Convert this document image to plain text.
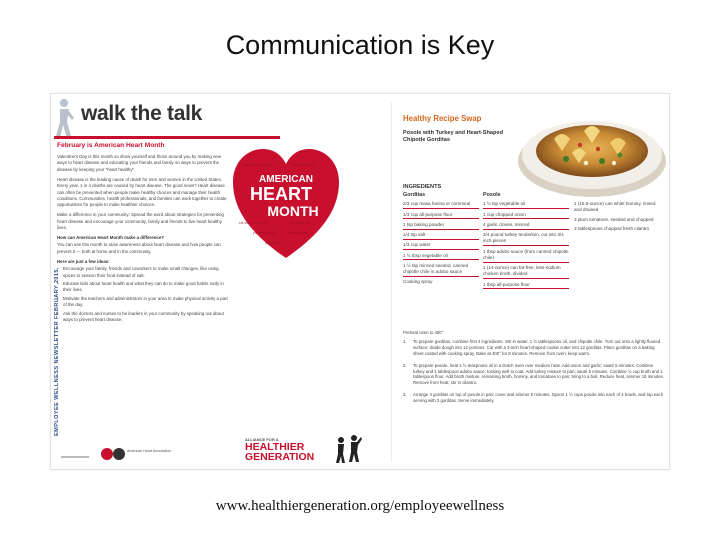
Communication is Key
walk the talk
EMPLOYEE WELLNESS NEWSLETTER FEBRUARY 2015
February is American Heart Month

Valentine's Day is this month so show yourself and those around you by making new ways to heart disease and educating your friends and family on ways to prevent the disease by keeping your "heart healthy".

Heart disease is the leading cause of death for men and women in the United States. Every year, 1 in 4 deaths are caused by heart disease. The good news? Heart disease can often be prevented when people make healthy choices and manage their health conditions. Communities, health professionals, and families can work together to create opportunities for people to make healthier choices.

Make a difference in your community: Spread the word about strategies for preventing heart disease and encourage your community, family and friends to live heart healthy lives.

How can American Heart Month make a difference?

You can use this month to raise awareness about heart disease and how people can prevent it — both at home and in the community.

Here are just a few ideas:
• Encourage your family, friends and coworkers to make small changes, like using spices to season their food instead of salt.
• Educate kids about heart health and what they can do to make good habits early in their lives.
• Motivate the teachers and administrators in your area to make physical activity a part of the day.
• Ask the doctors and nurses to be leaders in your community by speaking out about ways to prevent heart disease.
health love care walk	heart life family
eat well move more	be active rest
prevent protect	friends share
stay strong
AMERICAN
HEART
MONTH
American Heart Association
ALLIANCE FOR A
HEALTHIER
GENERATION
Healthy Recipe Swap
Posole with Turkey and Heart-Shaped Chipotle Gorditas
INGREDIENTS
Gorditas
2/3 cup masa harina or cornmeal
1/3 cup all-purpose flour
1 tsp baking powder
1/4 tsp salt
1/3 cup water
1 ½ tbsp vegetable oil
1 ½ tsp minced seeded, canned chipotle chile in adobo sauce
Cooking spray
Posole
1 ½ tsp vegetable oil
1 cup chopped onion
4 garlic cloves, minced
3/4 pound turkey tenderloin, cut into 3/4 inch pieces
1 tbsp adobo sauce (from canned chipotle chile)
1 (14-ounce) can fat-free, less-sodium chicken broth, divided
1 tbsp all-purpose flour
1 (15.5-ounce) can white hominy, rinsed and drained
3 plum tomatoes, seeded and chopped
3 tablespoons chopped fresh cilantro
Preheat oven to 400°.
1. To prepare gorditas, combine first 4 ingredients. Stir in water, 1 ½ tablespoons oil, and chipotle chile. Turn out onto a lightly floured surface; divide dough into 12 portions. Cut with a 3-inch heart-shaped cookie cutter into 12 gorditas. Place gorditas on a baking sheet coated with cooking spray. Bake at 400° for 8 minutes. Remove from oven; keep warm.
2. To prepare posole, heat 1 ½ teaspoons oil in a Dutch oven over medium heat. Add onion and garlic; sauté 5 minutes. Combine turkey and 1 tablespoon adobo sauce, tossing well to coat. Add turkey mixture to pan; sauté 5 minutes. Combine ½ cup broth and 1 tablespoon flour. Add broth mixture, remaining broth, hominy, and tomatoes to pan; bring to a boil. Reduce heat, simmer 15 minutes. Remove from heat; stir in cilantro.
3. Arrange 4 gorditas on top of posole in pan; cover and simmer 5 minutes. Spoon 1 ½ cups posole into each of 4 bowls, and top each serving with 3 gorditas. Serve immediately.
www.healthiergeneration.org/employeewellness
